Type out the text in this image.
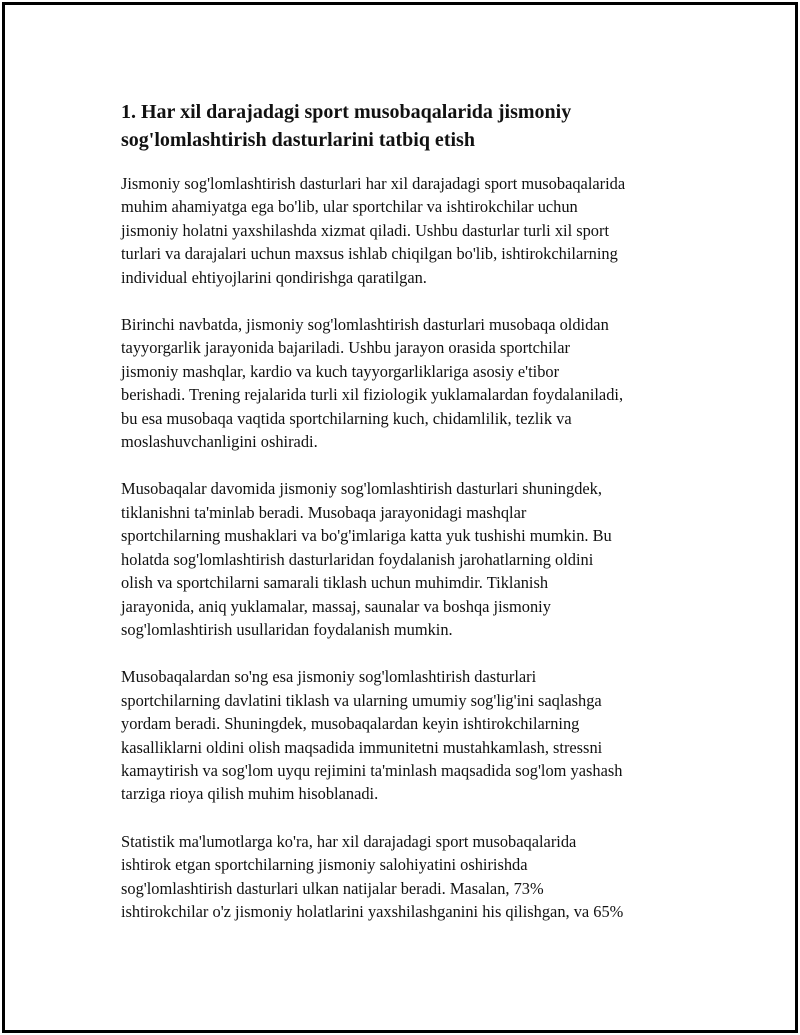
1. Har xil darajadagi sport musobaqalarida jismoniy
sog'lomlashtirish dasturlarini tatbiq etish

Jismoniy sog'lomlashtirish dasturlari har xil darajadagi sport musobaqalarida
muhim ahamiyatga ega bo'lib, ular sportchilar va ishtirokchilar uchun
jismoniy holatni yaxshilashda xizmat qiladi. Ushbu dasturlar turli xil sport
turlari va darajalari uchun maxsus ishlab chiqilgan bo'lib, ishtirokchilarning
individual ehtiyojlarini qondirishga qaratilgan.

Birinchi navbatda, jismoniy sog'lomlashtirish dasturlari musobaqa oldidan
tayyorgarlik jarayonida bajariladi. Ushbu jarayon orasida sportchilar
jismoniy mashqlar, kardio va kuch tayyorgarliklariga asosiy e'tibor
berishadi. Trening rejalarida turli xil fiziologik yuklamalardan foydalaniladi,
bu esa musobaqa vaqtida sportchilarning kuch, chidamlilik, tezlik va
moslashuvchanligini oshiradi.

Musobaqalar davomida jismoniy sog'lomlashtirish dasturlari shuningdek,
tiklanishni ta'minlab beradi. Musobaqa jarayonidagi mashqlar
sportchilarning mushaklari va bo'g'imlariga katta yuk tushishi mumkin. Bu
holatda sog'lomlashtirish dasturlaridan foydalanish jarohatlarning oldini
olish va sportchilarni samarali tiklash uchun muhimdir. Tiklanish
jarayonida, aniq yuklamalar, massaj, saunalar va boshqa jismoniy
sog'lomlashtirish usullaridan foydalanish mumkin.

Musobaqalardan so'ng esa jismoniy sog'lomlashtirish dasturlari
sportchilarning davlatini tiklash va ularning umumiy sog'lig'ini saqlashga
yordam beradi. Shuningdek, musobaqalardan keyin ishtirokchilarning
kasalliklarni oldini olish maqsadida immunitetni mustahkamlash, stressni
kamaytirish va sog'lom uyqu rejimini ta'minlash maqsadida sog'lom yashash
tarziga rioya qilish muhim hisoblanadi.

Statistik ma'lumotlarga ko'ra, har xil darajadagi sport musobaqalarida
ishtirok etgan sportchilarning jismoniy salohiyatini oshirishda
sog'lomlashtirish dasturlari ulkan natijalar beradi. Masalan, 73%
ishtirokchilar o'z jismoniy holatlarini yaxshilashganini his qilishgan, va 65%
